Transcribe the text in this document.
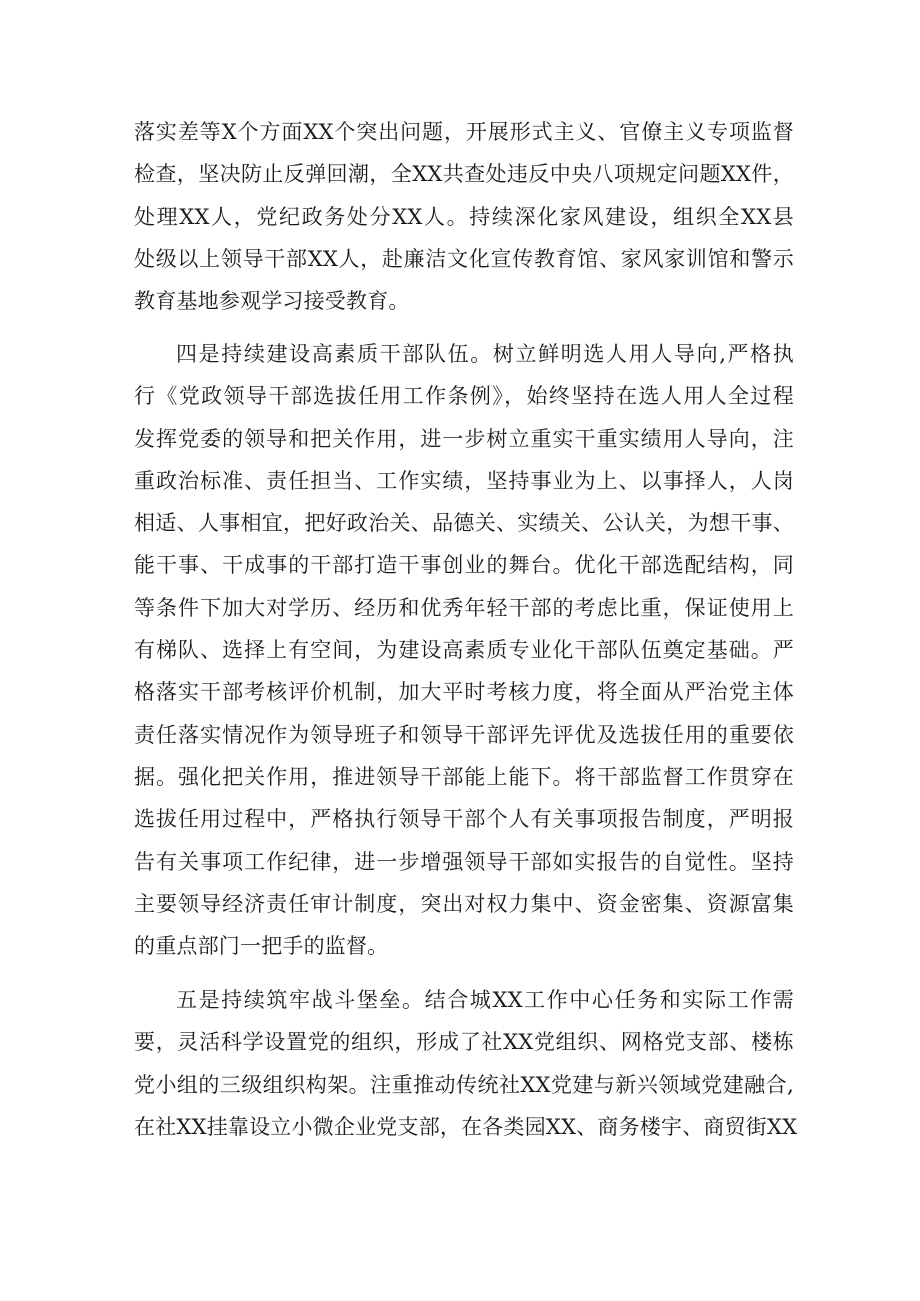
落实差等X个方面XX个突出问题，开展形式主义、官僚主义专项监督
检查，坚决防止反弹回潮，全XX共查处违反中央八项规定问题XX件，
处理XX人，党纪政务处分XX人。持续深化家风建设，组织全XX县
处级以上领导干部XX人，赴廉洁文化宣传教育馆、家风家训馆和警示
教育基地参观学习接受教育。
四是持续建设高素质干部队伍。树立鲜明选人用人导向,严格执
行《党政领导干部选拔任用工作条例》，始终坚持在选人用人全过程
发挥党委的领导和把关作用，进一步树立重实干重实绩用人导向，注
重政治标准、责任担当、工作实绩，坚持事业为上、以事择人，人岗
相适、人事相宜，把好政治关、品德关、实绩关、公认关，为想干事、
能干事、干成事的干部打造干事创业的舞台。优化干部选配结构，同
等条件下加大对学历、经历和优秀年轻干部的考虑比重，保证使用上
有梯队、选择上有空间，为建设高素质专业化干部队伍奠定基础。严
格落实干部考核评价机制，加大平时考核力度，将全面从严治党主体
责任落实情况作为领导班子和领导干部评先评优及选拔任用的重要依
据。强化把关作用，推进领导干部能上能下。将干部监督工作贯穿在
选拔任用过程中，严格执行领导干部个人有关事项报告制度，严明报
告有关事项工作纪律，进一步增强领导干部如实报告的自觉性。坚持
主要领导经济责任审计制度，突出对权力集中、资金密集、资源富集
的重点部门一把手的监督。
五是持续筑牢战斗堡垒。结合城XX工作中心任务和实际工作需
要，灵活科学设置党的组织，形成了社XX党组织、网格党支部、楼栋
党小组的三级组织构架。注重推动传统社XX党建与新兴领域党建融合,
在社XX挂靠设立小微企业党支部，在各类园XX、商务楼宇、商贸街XX
